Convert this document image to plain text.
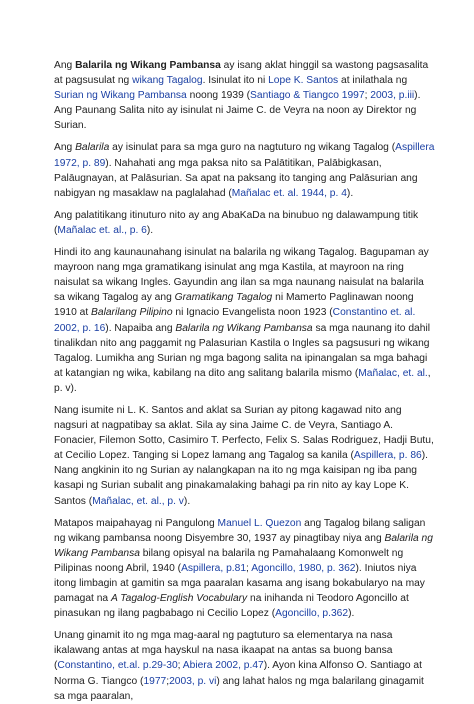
Ang Balarila ng Wikang Pambansa ay isang aklat hinggil sa wastong pagsasalita at pagsusulat ng wikang Tagalog. Isinulat ito ni Lope K. Santos at inilathala ng Surian ng Wikang Pambansa noong 1939 (Santiago & Tiangco 1997; 2003, p.iii). Ang Paunang Salita nito ay isinulat ni Jaime C. de Veyra na noon ay Direktor ng Surian.

Ang Balarila ay isinulat para sa mga guro na nagtuturo ng wikang Tagalog (Aspillera 1972, p. 89). Nahahati ang mga paksa nito sa Palātitikan, Palābigkasan, Palāugnayan, at Palāsurian. Sa apat na paksang ito tanging ang Palāsurian ang nabigyan ng masaklaw na paglalahad (Mañalac et. al. 1944, p. 4).

Ang palatitikang itinuturo nito ay ang AbaKaDa na binubuo ng dalawampung titik (Mañalac et. al., p. 6).

Hindi ito ang kaunaunahang isinulat na balarila ng wikang Tagalog. Bagupaman ay mayroon nang mga gramatikang isinulat ang mga Kastila, at mayroon na ring naisulat sa wikang Ingles. Gayundin ang ilan sa mga naunang naisulat na balarila sa wikang Tagalog ay ang Gramatikang Tagalog ni Mamerto Paglinawan noong 1910 at Balarilang Pilipino ni Ignacio Evangelista noon 1923 (Constantino et. al. 2002, p. 16). Napaiba ang Balarila ng Wikang Pambansa sa mga naunang ito dahil tinalikdan nito ang paggamit ng Palasurian Kastila o Ingles sa pagsusuri ng wikang Tagalog. Lumikha ang Surian ng mga bagong salita na ipinangalan sa mga bahagi at katangian ng wika, kabilang na dito ang salitang balarila mismo (Mañalac, et. al., p. v).

Nang isumite ni L. K. Santos and aklat sa Surian ay pitong kagawad nito ang nagsuri at nagpatibay sa aklat. Sila ay sina Jaime C. de Veyra, Santiago A. Fonacier, Filemon Sotto, Casimiro T. Perfecto, Felix S. Salas Rodriguez, Hadji Butu, at Cecilio Lopez. Tanging si Lopez lamang ang Tagalog sa kanila (Aspillera, p. 86). Nang angkinin ito ng Surian ay nalangkapan na ito ng mga kaisipan ng iba pang kasapi ng Surian subalit ang pinakamalaking bahagi pa rin nito ay kay Lope K. Santos (Mañalac, et. al., p. v).

Matapos maipahayag ni Pangulong Manuel L. Quezon ang Tagalog bilang saligan ng wikang pambansa noong Disyembre 30, 1937 ay pinagtibay niya ang Balarila ng Wikang Pambansa bilang opisyal na balarila ng Pamahalaang Komonwelt ng Pilipinas noong Abril, 1940 (Aspillera, p.81; Agoncillo, 1980, p. 362). Iniutos niya itong limbagin at gamitin sa mga paaralan kasama ang isang bokabularyo na may pamagat na A Tagalog-English Vocabulary na inihanda ni Teodoro Agoncillo at pinasukan ng ilang pagbabago ni Cecilio Lopez (Agoncillo, p.362).

Unang ginamit ito ng mga mag-aaral ng pagtuturo sa elementarya na nasa ikalawang antas at mga hayskul na nasa ikaapat na antas sa buong bansa (Constantino, et.al. p.29-30; Abiera 2002, p.47). Ayon kina Alfonso O. Santiago at Norma G. Tiangco (1977;2003, p. vi) ang lahat halos ng mga balarilang ginagamit sa mga paaralan,
